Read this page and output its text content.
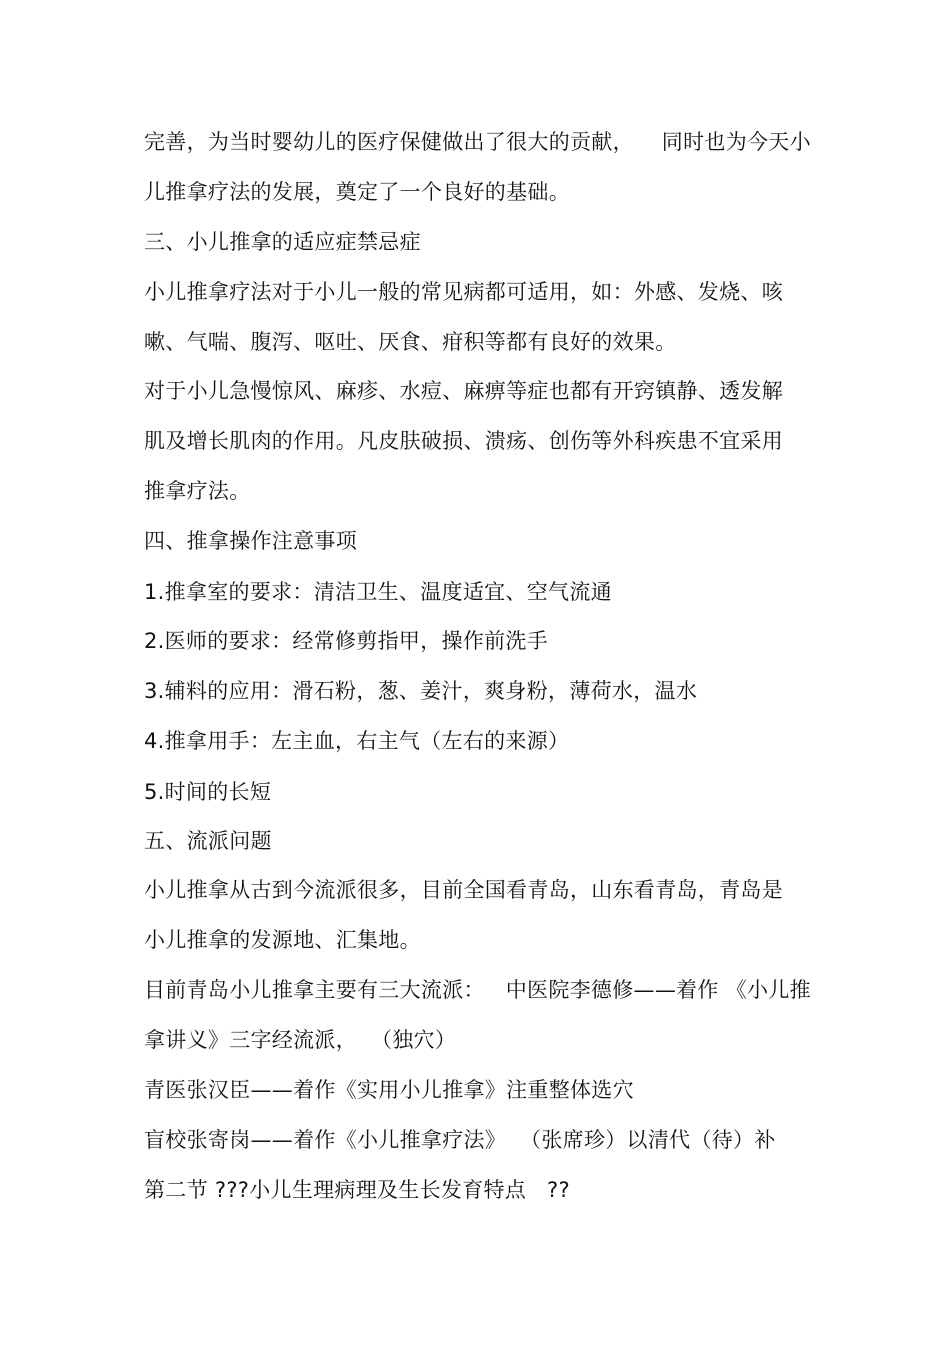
完善，为当时婴幼儿的医疗保健做出了很大的贡献，    同时也为今天小
儿推拿疗法的发展，奠定了一个良好的基础。
三、小儿推拿的适应症禁忌症
小儿推拿疗法对于小儿一般的常见病都可适用，如：外感、发烧、咳
嗽、气喘、腹泻、呕吐、厌食、疳积等都有良好的效果。
对于小儿急慢惊风、麻疹、水痘、麻痹等症也都有开窍镇静、透发解
肌及增长肌肉的作用。凡皮肤破损、溃疡、创伤等外科疾患不宜采用
推拿疗法。
四、推拿操作注意事项
1.推拿室的要求：清洁卫生、温度适宜、空气流通
2.医师的要求：经常修剪指甲，操作前洗手
3.辅料的应用：滑石粉，葱、姜汁，爽身粉，薄荷水，温水
4.推拿用手：左主血，右主气（左右的来源）
5.时间的长短
五、流派问题
小儿推拿从古到今流派很多，目前全国看青岛，山东看青岛，青岛是
小儿推拿的发源地、汇集地。
目前青岛小儿推拿主要有三大流派：   中医院李德修——着作 《小儿推
拿讲义》三字经流派，  （独穴）
青医张汉臣——着作《实用小儿推拿》注重整体选穴
盲校张寄岗——着作《小儿推拿疗法》  （张席珍）以清代（待）补
第二节 ???小儿生理病理及生长发育特点   ??
